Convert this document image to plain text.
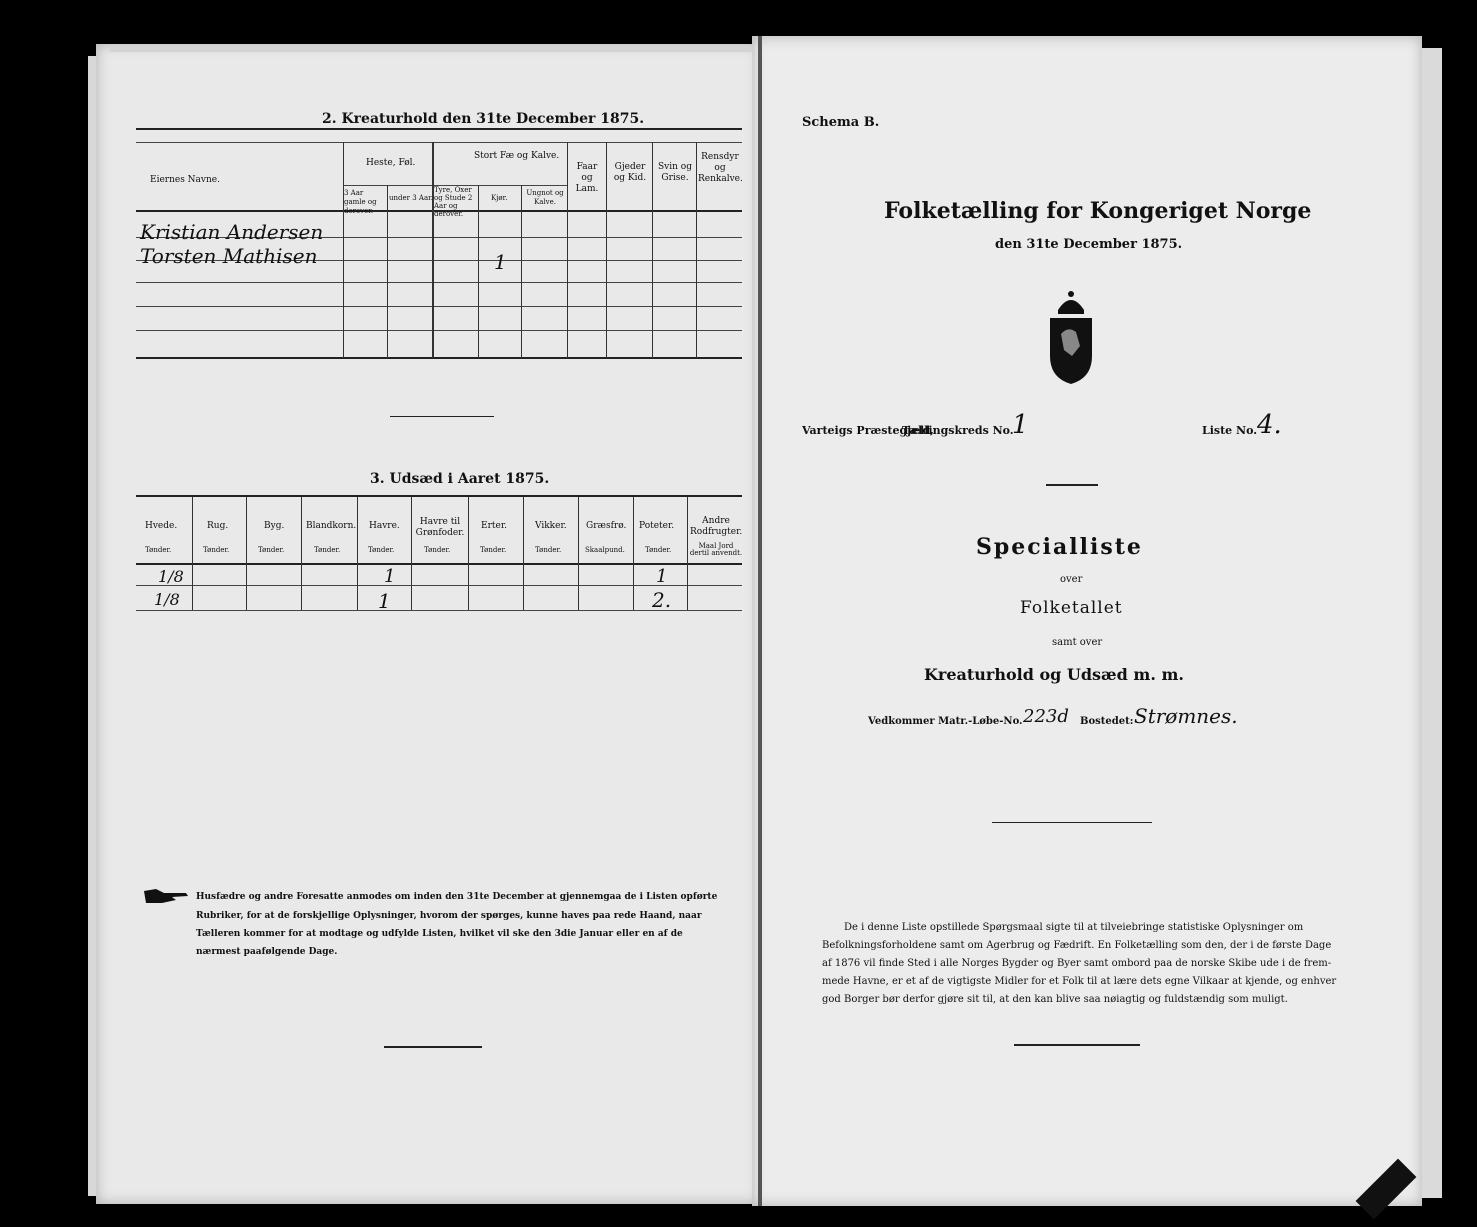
2. Kreaturhold den 31te December 1875.
Eiernes Navne.
Heste, Føl.
Stort Fæ og Kalve.
3 Aar gamle og derover.
under 3 Aar.
Tyre, Oxer og Stude 2 Aar og derover.
Kjør.
Ungnot og Kalve.
Faar og Lam.
Gjeder og Kid.
Svin og Grise.
Rensdyr og Renkalve.
Kristian Andersen
Torsten Mathisen	1
3. Udsæd i Aaret 1875.
Hvede.
Tønder.
Rug.
Tønder.
Byg.
Tønder.
Blandkorn.
Tønder.
Havre.
Tønder.
Havre til Grønfoder.
Tønder.
Erter.
Tønder.
Vikker.
Tønder.
Græsfrø.
Skaalpund.
Poteter.
Tønder.
Andre Rodfrugter.
Maal Jord dertil anvendt.
1/8
1/8
1
1
1
2.
Husfædre og andre Foresatte anmodes om inden den 31te December at gjennemgaa de i Listen opførte
Rubriker, for at de forskjellige Oplysninger, hvorom der spørges, kunne haves paa rede Haand, naar
Tælleren kommer for at modtage og udfylde Listen, hvilket vil ske den 3die Januar eller en af de
nærmest paafølgende Dage.
Schema B.
Folketælling for Kongeriget Norge
den 31te December 1875.
Varteigs Præstegjeld,
Tællingskreds No.
1	Liste No. 4.
Specialliste
over
Folketallet
samt over
Kreaturhold og Udsæd m. m.
Vedkommer Matr.-Løbe-No. 223d Bostedet: Strømnes.
De i denne Liste opstillede Spørgsmaal sigte til at tilveiebringe statistiske Oplysninger om
Befolkningsforholdene samt om Agerbrug og Fædrift. En Folketælling som den, der i de første Dage
af 1876 vil finde Sted i alle Norges Bygder og Byer samt ombord paa de norske Skibe ude i de frem-
mede Havne, er et af de vigtigste Midler for et Folk til at lære dets egne Vilkaar at kjende, og enhver
god Borger bør derfor gjøre sit til, at den kan blive saa nøiagtig og fuldstændig som muligt.
